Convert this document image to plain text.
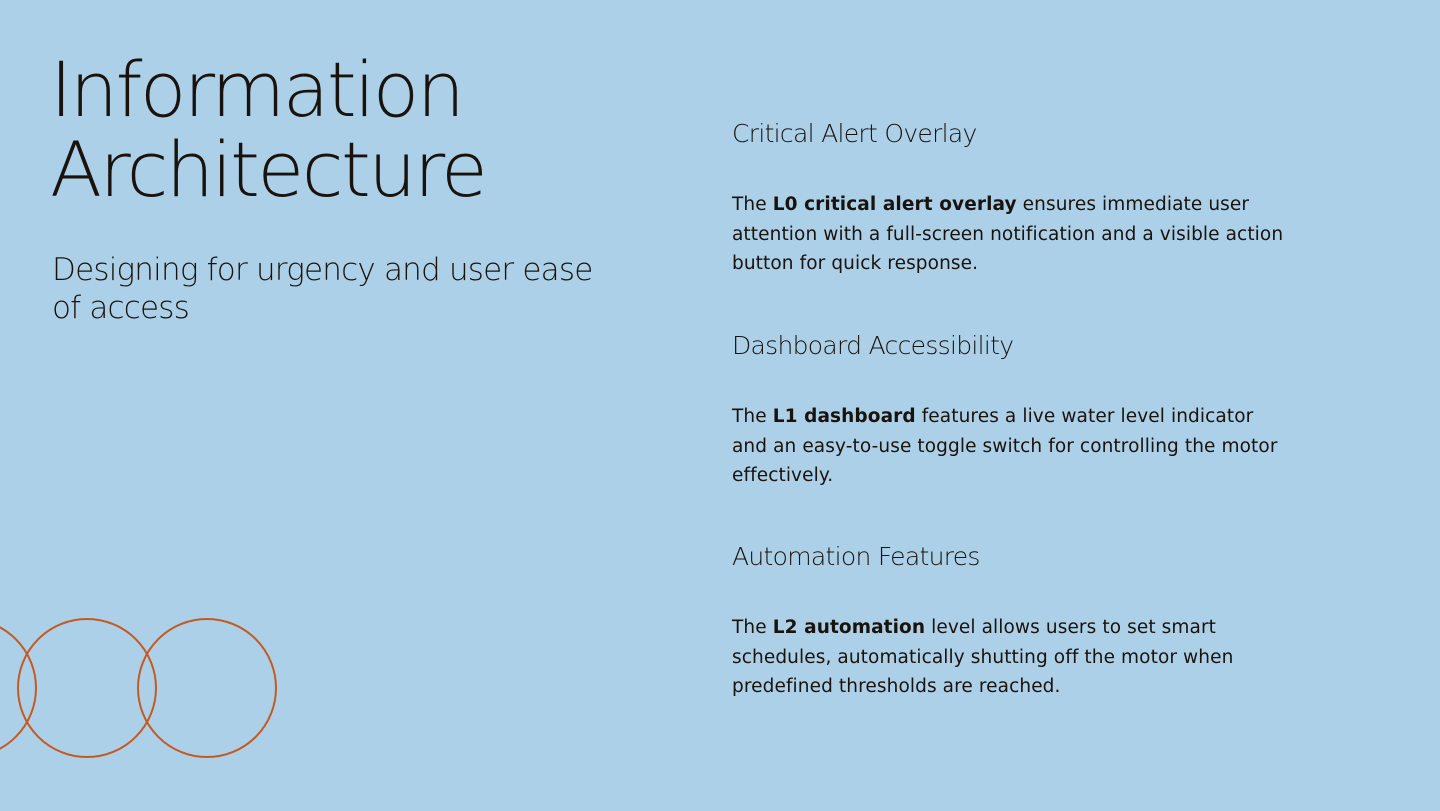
Information
Architecture

Designing for urgency and user ease of access

Critical Alert Overlay

The L0 critical alert overlay ensures immediate user attention with a full-screen notification and a visible action button for quick response.

Dashboard Accessibility

The L1 dashboard features a live water level indicator and an easy-to-use toggle switch for controlling the motor effectively.

Automation Features

The L2 automation level allows users to set smart schedules, automatically shutting off the motor when predefined thresholds are reached.
